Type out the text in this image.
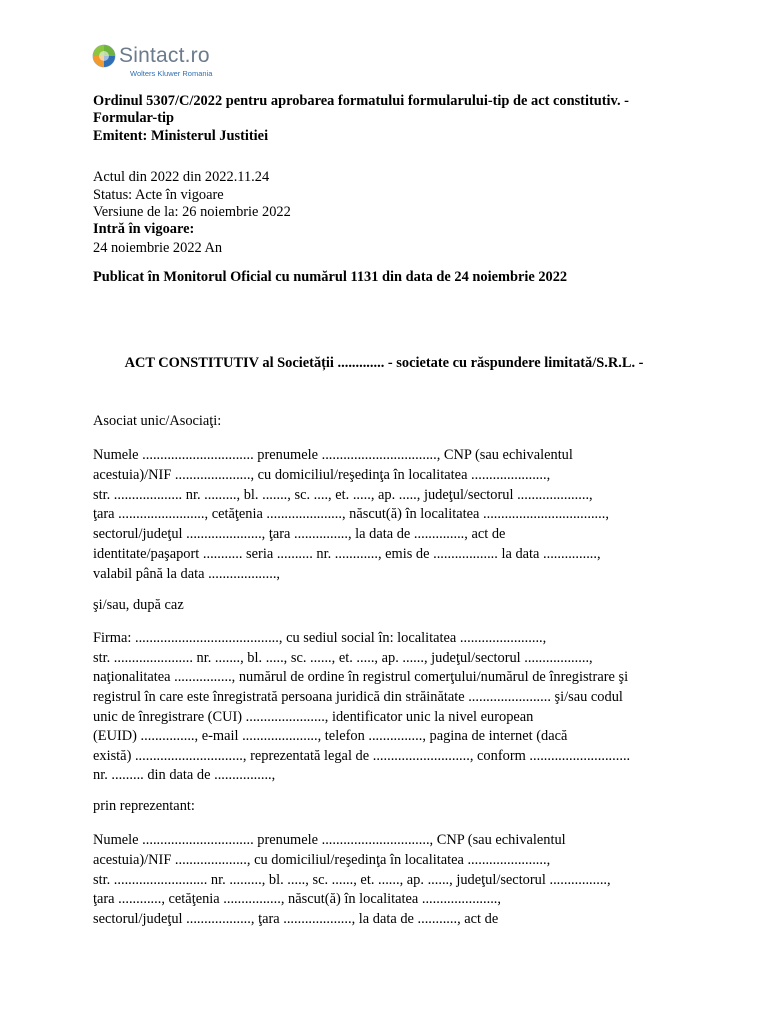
Sintact.ro
Wolters Kluwer Romania
Ordinul 5307/C/2022 pentru aprobarea formatului formularului-tip de act constitutiv. -
Formular-tip
Emitent: Ministerul Justitiei
Actul din 2022 din 2022.11.24
Status: Acte în vigoare
Versiune de la: 26 noiembrie 2022
Intră în vigoare:
24 noiembrie 2022 An
Publicat în Monitorul Oficial cu numărul 1131 din data de 24 noiembrie 2022
ACT CONSTITUTIV al Societății ............. - societate cu răspundere limitată/S.R.L. -
Asociat unic/Asociaţi:
Numele ............................... prenumele ................................, CNP (sau echivalentul
acestuia)/NIF ....................., cu domiciliul/reşedinţa în localitatea .....................,
str. ................... nr. ........., bl. ......., sc. ...., et. ....., ap. ....., judeţul/sectorul ....................,
ţara ........................, cetăţenia ....................., născut(ă) în localitatea ..................................,
sectorul/judeţul ....................., ţara ..............., la data de .............., act de
identitate/paşaport ........... seria .......... nr. ............, emis de .................. la data ...............,
valabil până la data ...................,
şi/sau, după caz
Firma: ........................................, cu sediul social în: localitatea .......................,
str. ...................... nr. ......., bl. ....., sc. ......, et. ....., ap. ......, judeţul/sectorul ..................,
naţionalitatea ................, numărul de ordine în registrul comerţului/numărul de înregistrare şi
registrul în care este înregistrată persoana juridică din străinătate ....................... şi/sau codul
unic de înregistrare (CUI) ......................, identificator unic la nivel european
(EUID) ..............., e-mail ....................., telefon ..............., pagina de internet (dacă
există) .............................., reprezentată legal de ..........................., conform ............................
nr. ......... din data de ................,
prin reprezentant:
Numele ............................... prenumele .............................., CNP (sau echivalentul
acestuia)/NIF ...................., cu domiciliul/reşedinţa în localitatea ......................,
str. .......................... nr. ........., bl. ....., sc. ......, et. ......, ap. ......, judeţul/sectorul ................,
ţara ............, cetăţenia ................, născut(ă) în localitatea .....................,
sectorul/judeţul .................., ţara ..................., la data de ..........., act de
